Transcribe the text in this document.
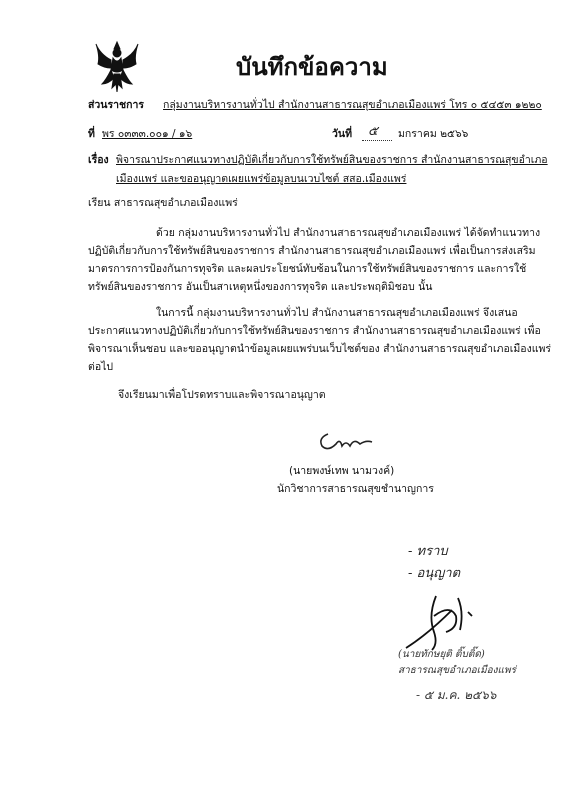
บันทึกข้อความ
ส่วนราชการ กลุ่มงานบริหารงานทั่วไป สำนักงานสาธารณสุขอำเภอเมืองแพร่ โทร ๐ ๕๔๕๓ ๑๒๒๐
ที่ พร ๐๓๓๓.๐๐๑ / ๑๖	วันที่ ๕ มกราคม ๒๕๖๖
เรื่อง พิจารณาประกาศแนวทางปฏิบัติเกี่ยวกับการใช้ทรัพย์สินของราชการ สำนักงานสาธารณสุขอำเภอ
เมืองแพร่ และขออนุญาตเผยแพร่ข้อมูลบนเวบไซต์ สสอ.เมืองแพร่
เรียน สาธารณสุขอำเภอเมืองแพร่
ด้วย กลุ่มงานบริหารงานทั่วไป สำนักงานสาธารณสุขอำเภอเมืองแพร่ ได้จัดทำแนวทาง
ปฏิบัติเกี่ยวกับการใช้ทรัพย์สินของราชการ สำนักงานสาธารณสุขอำเภอเมืองแพร่ เพื่อเป็นการส่งเสริม
มาตรการการป้องกันการทุจริต และผลประโยชน์ทับซ้อนในการใช้ทรัพย์สินของราชการ และการใช้
ทรัพย์สินของราชการ อันเป็นสาเหตุหนึ่งของการทุจริต และประพฤติมิชอบ นั้น
ในการนี้ กลุ่มงานบริหารงานทั่วไป สำนักงานสาธารณสุขอำเภอเมืองแพร่ จึงเสนอ
ประกาศแนวทางปฏิบัติเกี่ยวกับการใช้ทรัพย์สินของราชการ สำนักงานสาธารณสุขอำเภอเมืองแพร่ เพื่อ
พิจารณาเห็นชอบ และขออนุญาตนำข้อมูลเผยแพร่บนเว็บไซต์ของ สำนักงานสาธารณสุขอำเภอเมืองแพร่
ต่อไป
จึงเรียนมาเพื่อโปรดทราบและพิจารณาอนุญาต
(นายพงษ์เทพ นามวงค์)
นักวิชาการสาธารณสุขชำนาญการ
- ทราบ
- อนุญาต
(นายทักษยุติ ติ๊บติ๊ด)
สาธารณสุขอำเภอเมืองแพร่
- ๕ ม.ค. ๒๕๖๖
